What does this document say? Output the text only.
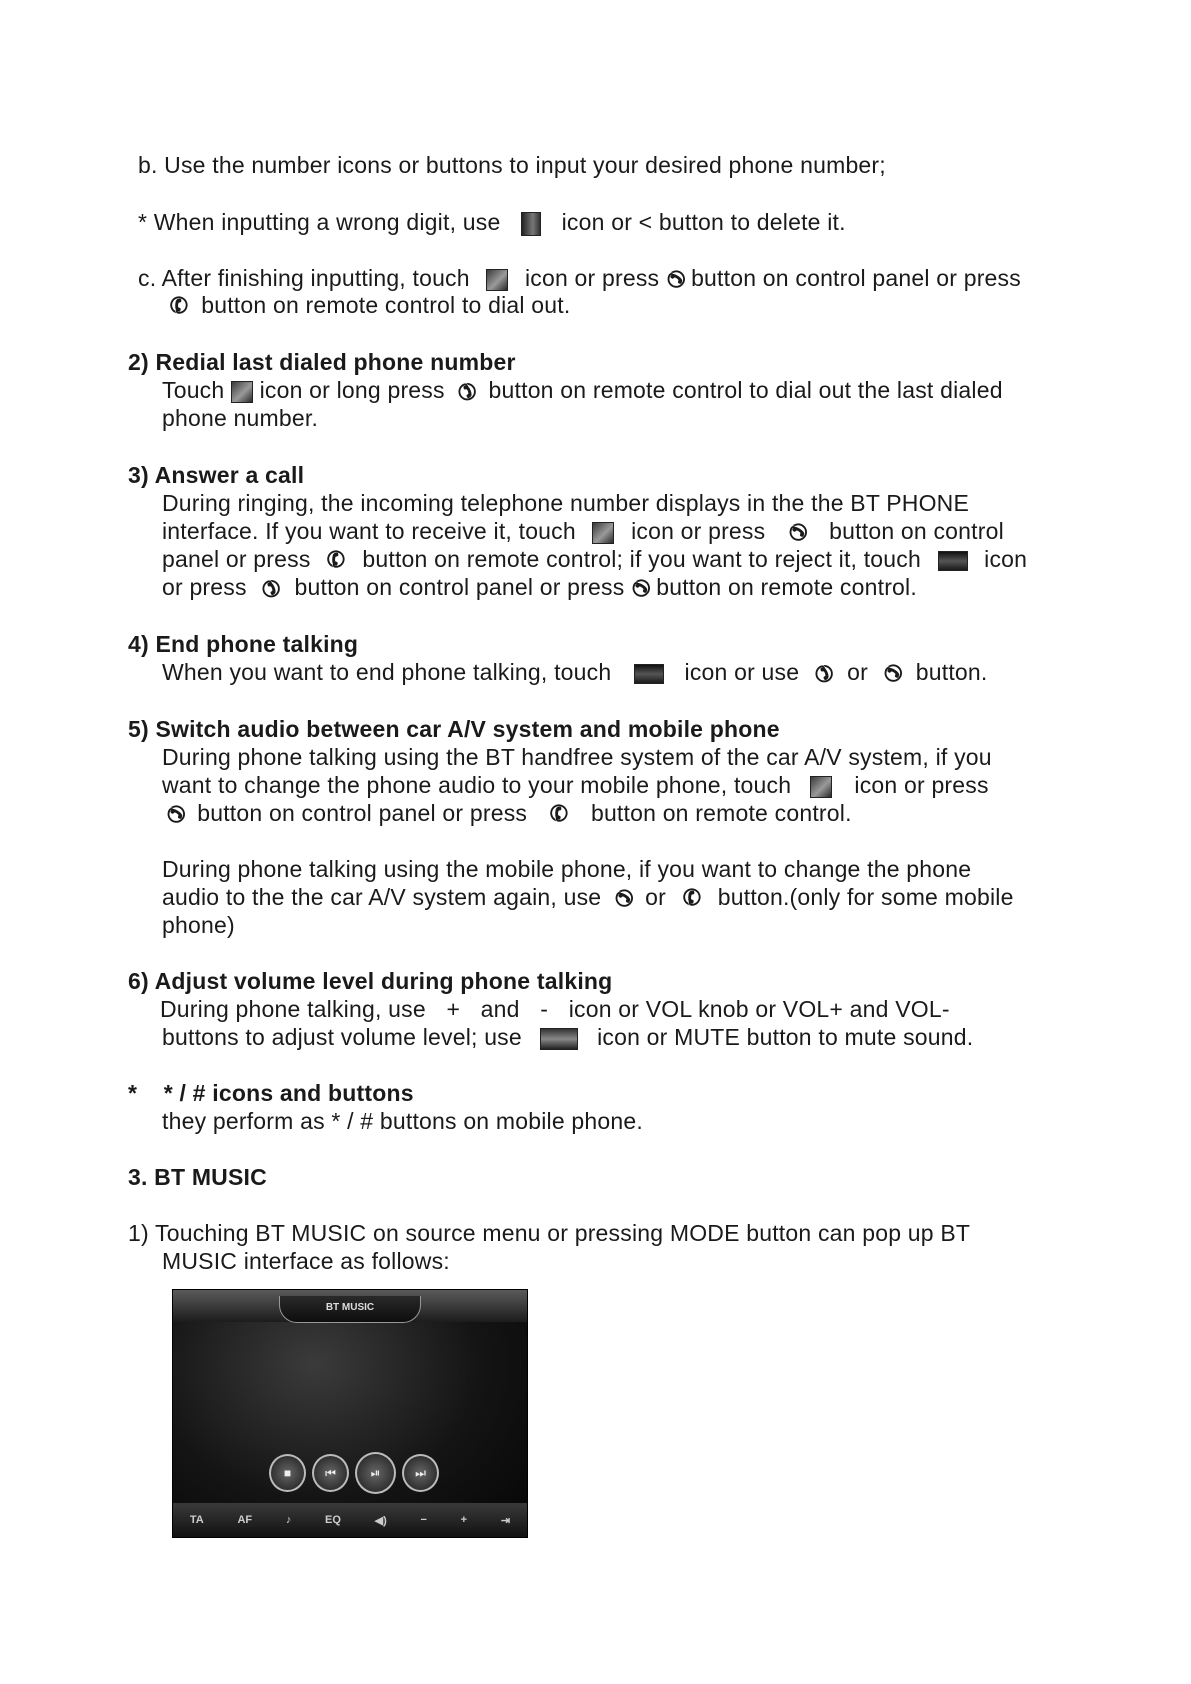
b. Use the number icons or buttons to input your desired phone number;
* When inputting a wrong digit, use	icon or < button to delete it.
c. After finishing inputting, touch icon or press ✆ button on control panel or press
✆ button on remote control to dial out.
2) Redial last dialed phone number
Touch icon or long press ✆ button on remote control to dial out the last dialed
phone number.
3) Answer a call
During ringing, the incoming telephone number displays in the the BT PHONE
interface. If you want to receive it, touch icon or press ✆ button on control
panel or press ✆ button on remote control; if you want to reject it, touch	icon
or press ✆ button on control panel or press ✆ button on remote control.
4) End phone talking
When you want to end phone talking, touch	icon or use ✆ or ✆ button.
5) Switch audio between car A/V system and mobile phone
During phone talking using the BT handfree system of the car A/V system, if you
want to change the phone audio to your mobile phone, touch	icon or press
✆ button on control panel or press ✆ button on remote control.
During phone talking using the mobile phone, if you want to change the phone
audio to the the car A/V system again, use ✆ or ✆ button.(only for some mobile
phone)
6) Adjust volume level during phone talking
During phone talking, use + and - icon or VOL knob or VOL+ and VOL-
buttons to adjust volume level; use	icon or MUTE button to mute sound.
* * / # icons and buttons
they perform as * / # buttons on mobile phone.
3. BT MUSIC
1) Touching BT MUSIC on source menu or pressing MODE button can pop up BT
MUSIC interface as follows:
BT MUSIC
■	⏮	⏯	⏭
TA	AF	♪	EQ	◀)	−	+	⇥
